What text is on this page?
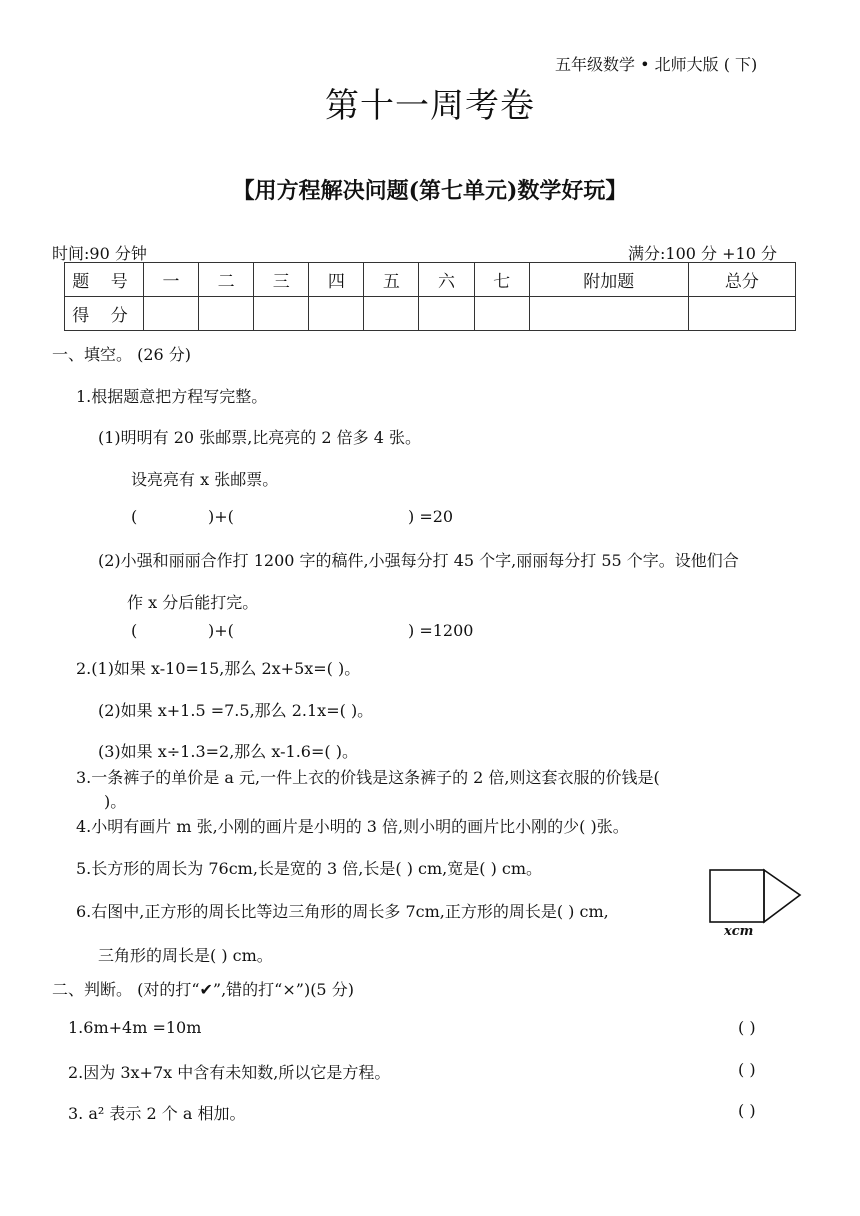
五年级数学 • 北师大版 ( 下)
第十一周考卷
【用方程解决问题(第七单元)数学好玩】
时间:90 分钟	满分:100 分 +10 分
题 号	一	二	三	四	五	六	七	附加题	总分
得 分									
一、填空。 (26 分)
1.根据题意把方程写完整。
(1)明明有 20 张邮票,比亮亮的 2 倍多 4 张。
设亮亮有 x 张邮票。
(	)+(	) =20
(2)小强和丽丽合作打 1200 字的稿件,小强每分打 45 个字,丽丽每分打 55 个字。设他们合
作 x 分后能打完。
(	)+(	) =1200
2.(1)如果 x-10=15,那么 2x+5x=( )。
(2)如果 x+1.5 =7.5,那么 2.1x=( )。
(3)如果 x÷1.3=2,那么 x-1.6=( )。
3.一条裤子的单价是 a 元,一件上衣的价钱是这条裤子的 2 倍,则这套衣服的价钱是(
)。
4.小明有画片 m 张,小刚的画片是小明的 3 倍,则小明的画片比小刚的少( )张。
5.长方形的周长为 76cm,长是宽的 3 倍,长是( ) cm,宽是( ) cm。
6.右图中,正方形的周长比等边三角形的周长多 7cm,正方形的周长是( ) cm,
三角形的周长是( ) cm。
xcm
二、判断。 (对的打“✔”,错的打“×”)(5 分)
1.6m+4m =10m	( )
2.因为 3x+7x 中含有未知数,所以它是方程。	( )
3. a² 表示 2 个 a 相加。	( )
